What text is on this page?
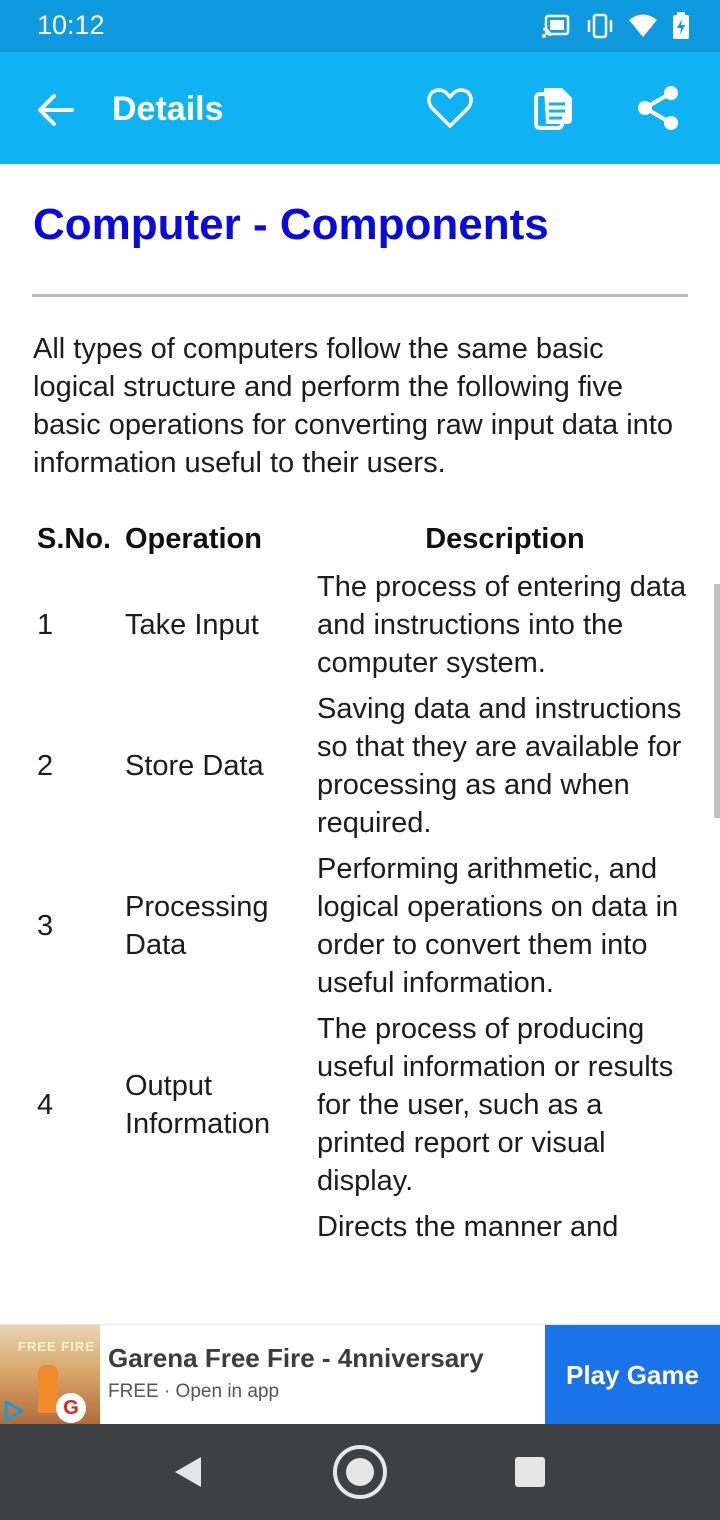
10:12
Details
Computer - Components

All types of computers follow the same basic logical structure and perform the following five basic operations for converting raw input data into information useful to their users.

S.No.	Operation	Description
1	Take Input	The process of entering data and instructions into the computer system.
2	Store Data	Saving data and instructions so that they are available for processing as and when required.
3	Processing Data	Performing arithmetic, and logical operations on data in order to convert them into useful information.
4	Output Information	The process of producing useful information or results for the user, such as a printed report or visual display.
		Directs the manner and
FREE FIRE
G
Garena Free Fire - 4nniversary
FREE · Open in app
Play Game
